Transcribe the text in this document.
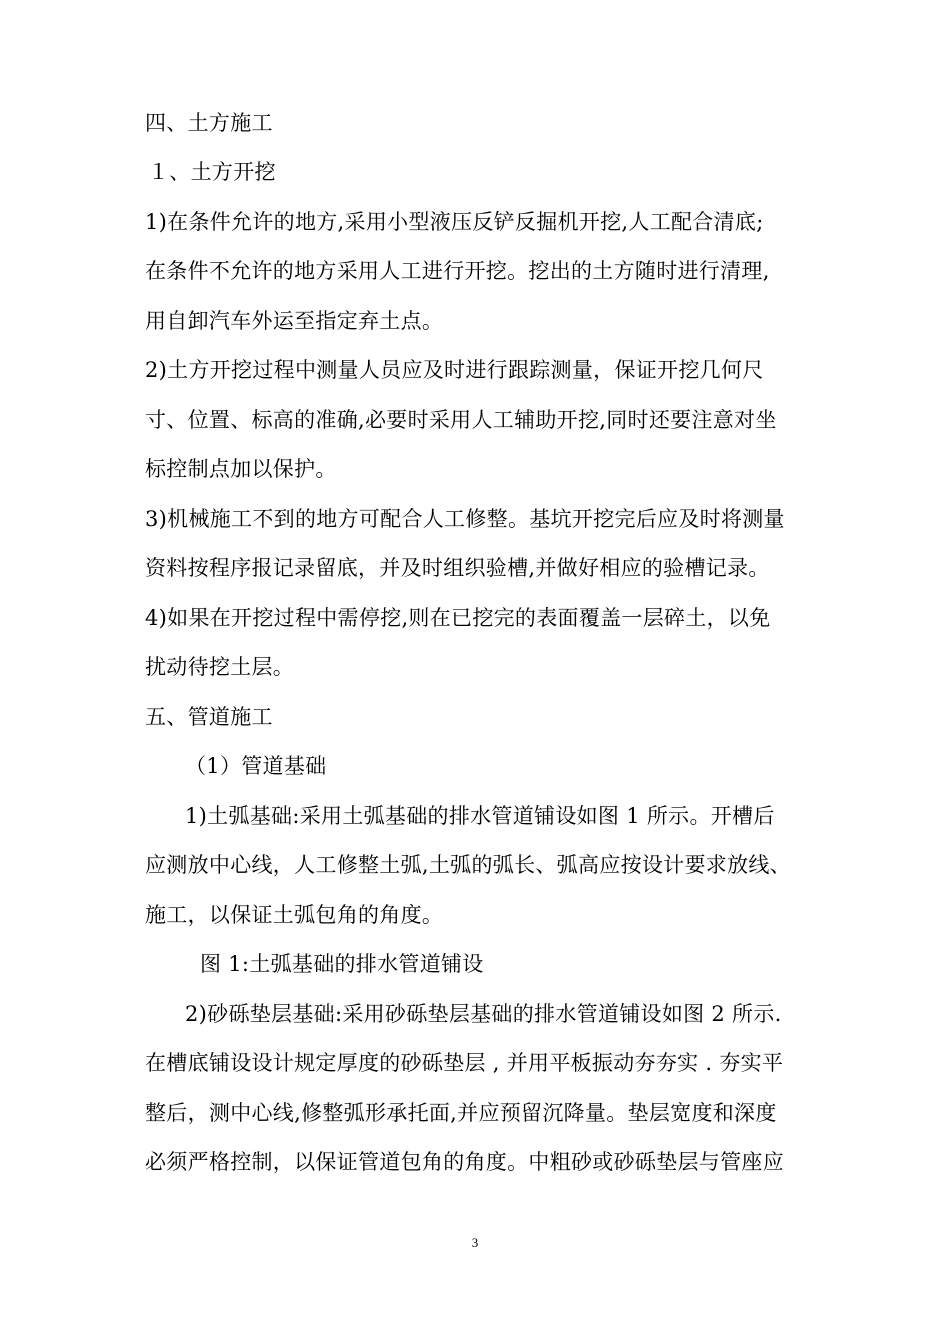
四、土方施工
１、土方开挖
1)在条件允许的地方,采用小型液压反铲反掘机开挖,人工配合清底;
在条件不允许的地方采用人工进行开挖。挖出的土方随时进行清理,
用自卸汽车外运至指定弃土点。
2)土方开挖过程中测量人员应及时进行跟踪测量，保证开挖几何尺
寸、位置、标高的准确,必要时采用人工辅助开挖,同时还要注意对坐
标控制点加以保护。
3)机械施工不到的地方可配合人工修整。基坑开挖完后应及时将测量
资料按程序报记录留底，并及时组织验槽,并做好相应的验槽记录。
4)如果在开挖过程中需停挖,则在已挖完的表面覆盖一层碎土，以免
扰动待挖土层。
五、管道施工
（1）管道基础
1)土弧基础:采用土弧基础的排水管道铺设如图 1 所示。开槽后
应测放中心线，人工修整土弧,土弧的弧长、弧高应按设计要求放线、
施工，以保证土弧包角的角度。
图 1:土弧基础的排水管道铺设
2)砂砾垫层基础:采用砂砾垫层基础的排水管道铺设如图 2 所示.
在槽底铺设设计规定厚度的砂砾垫层 , 并用平板振动夯夯实 . 夯实平
整后，测中心线,修整弧形承托面,并应预留沉降量。垫层宽度和深度
必须严格控制，以保证管道包角的角度。中粗砂或砂砾垫层与管座应
3
